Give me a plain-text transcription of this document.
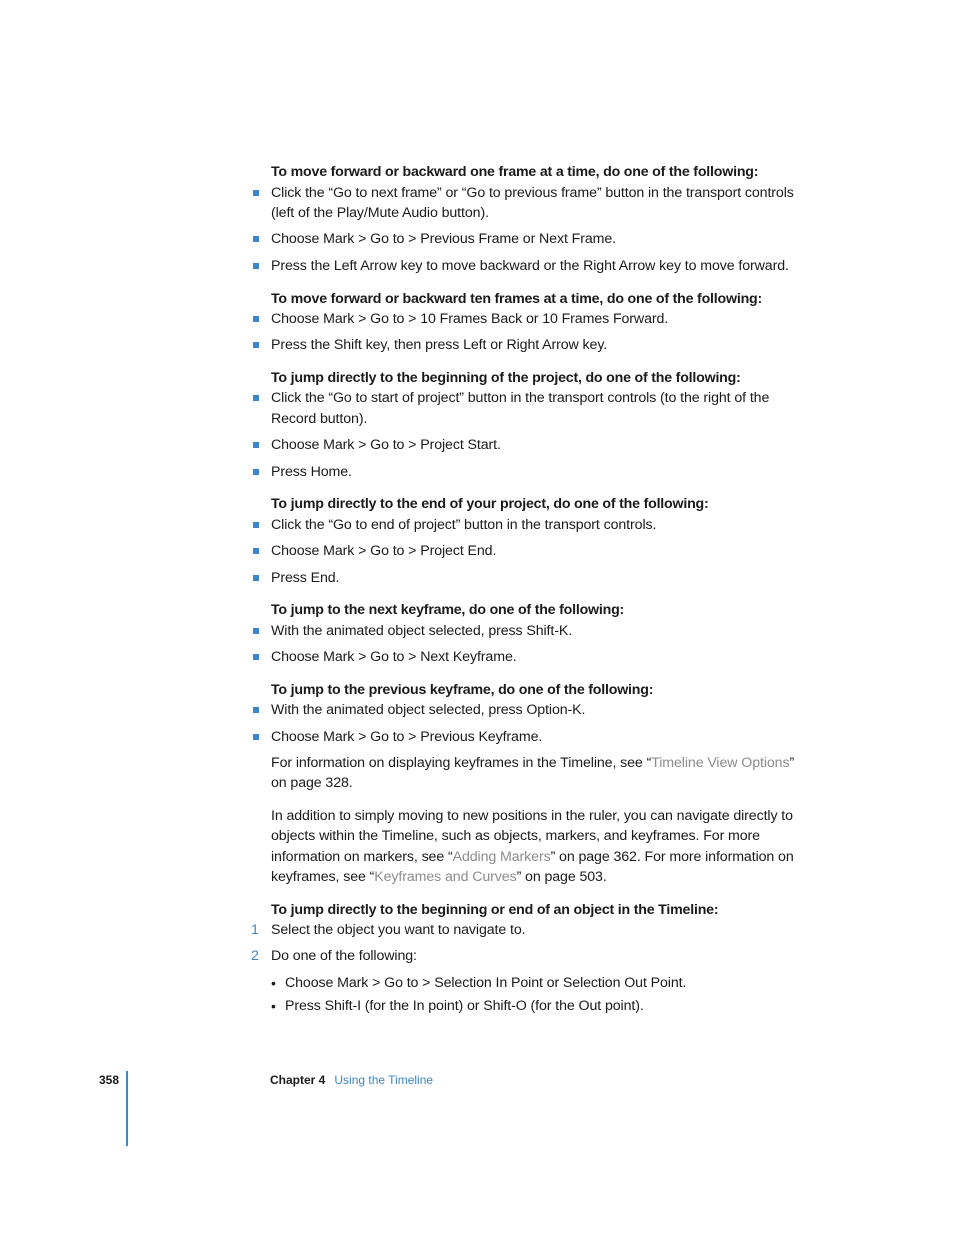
To move forward or backward one frame at a time, do one of the following:
Click the “Go to next frame” or “Go to previous frame” button in the transport controls
(left of the Play/Mute Audio button).
Choose Mark > Go to > Previous Frame or Next Frame.
Press the Left Arrow key to move backward or the Right Arrow key to move forward.
To move forward or backward ten frames at a time, do one of the following:
Choose Mark > Go to > 10 Frames Back or 10 Frames Forward.
Press the Shift key, then press Left or Right Arrow key.
To jump directly to the beginning of the project, do one of the following:
Click the “Go to start of project” button in the transport controls (to the right of the
Record button).
Choose Mark > Go to > Project Start.
Press Home.
To jump directly to the end of your project, do one of the following:
Click the “Go to end of project” button in the transport controls.
Choose Mark > Go to > Project End.
Press End.
To jump to the next keyframe, do one of the following:
With the animated object selected, press Shift-K.
Choose Mark > Go to > Next Keyframe.
To jump to the previous keyframe, do one of the following:
With the animated object selected, press Option-K.
Choose Mark > Go to > Previous Keyframe.
For information on displaying keyframes in the Timeline, see “Timeline View Options”
on page 328.
In addition to simply moving to new positions in the ruler, you can navigate directly to
objects within the Timeline, such as objects, markers, and keyframes. For more
information on markers, see “Adding Markers” on page 362. For more information on
keyframes, see “Keyframes and Curves” on page 503.
To jump directly to the beginning or end of an object in the Timeline:
1 Select the object you want to navigate to.
2 Do one of the following:
• Choose Mark > Go to > Selection In Point or Selection Out Point.
• Press Shift-I (for the In point) or Shift-O (for the Out point).
358	Chapter 4 Using the Timeline
